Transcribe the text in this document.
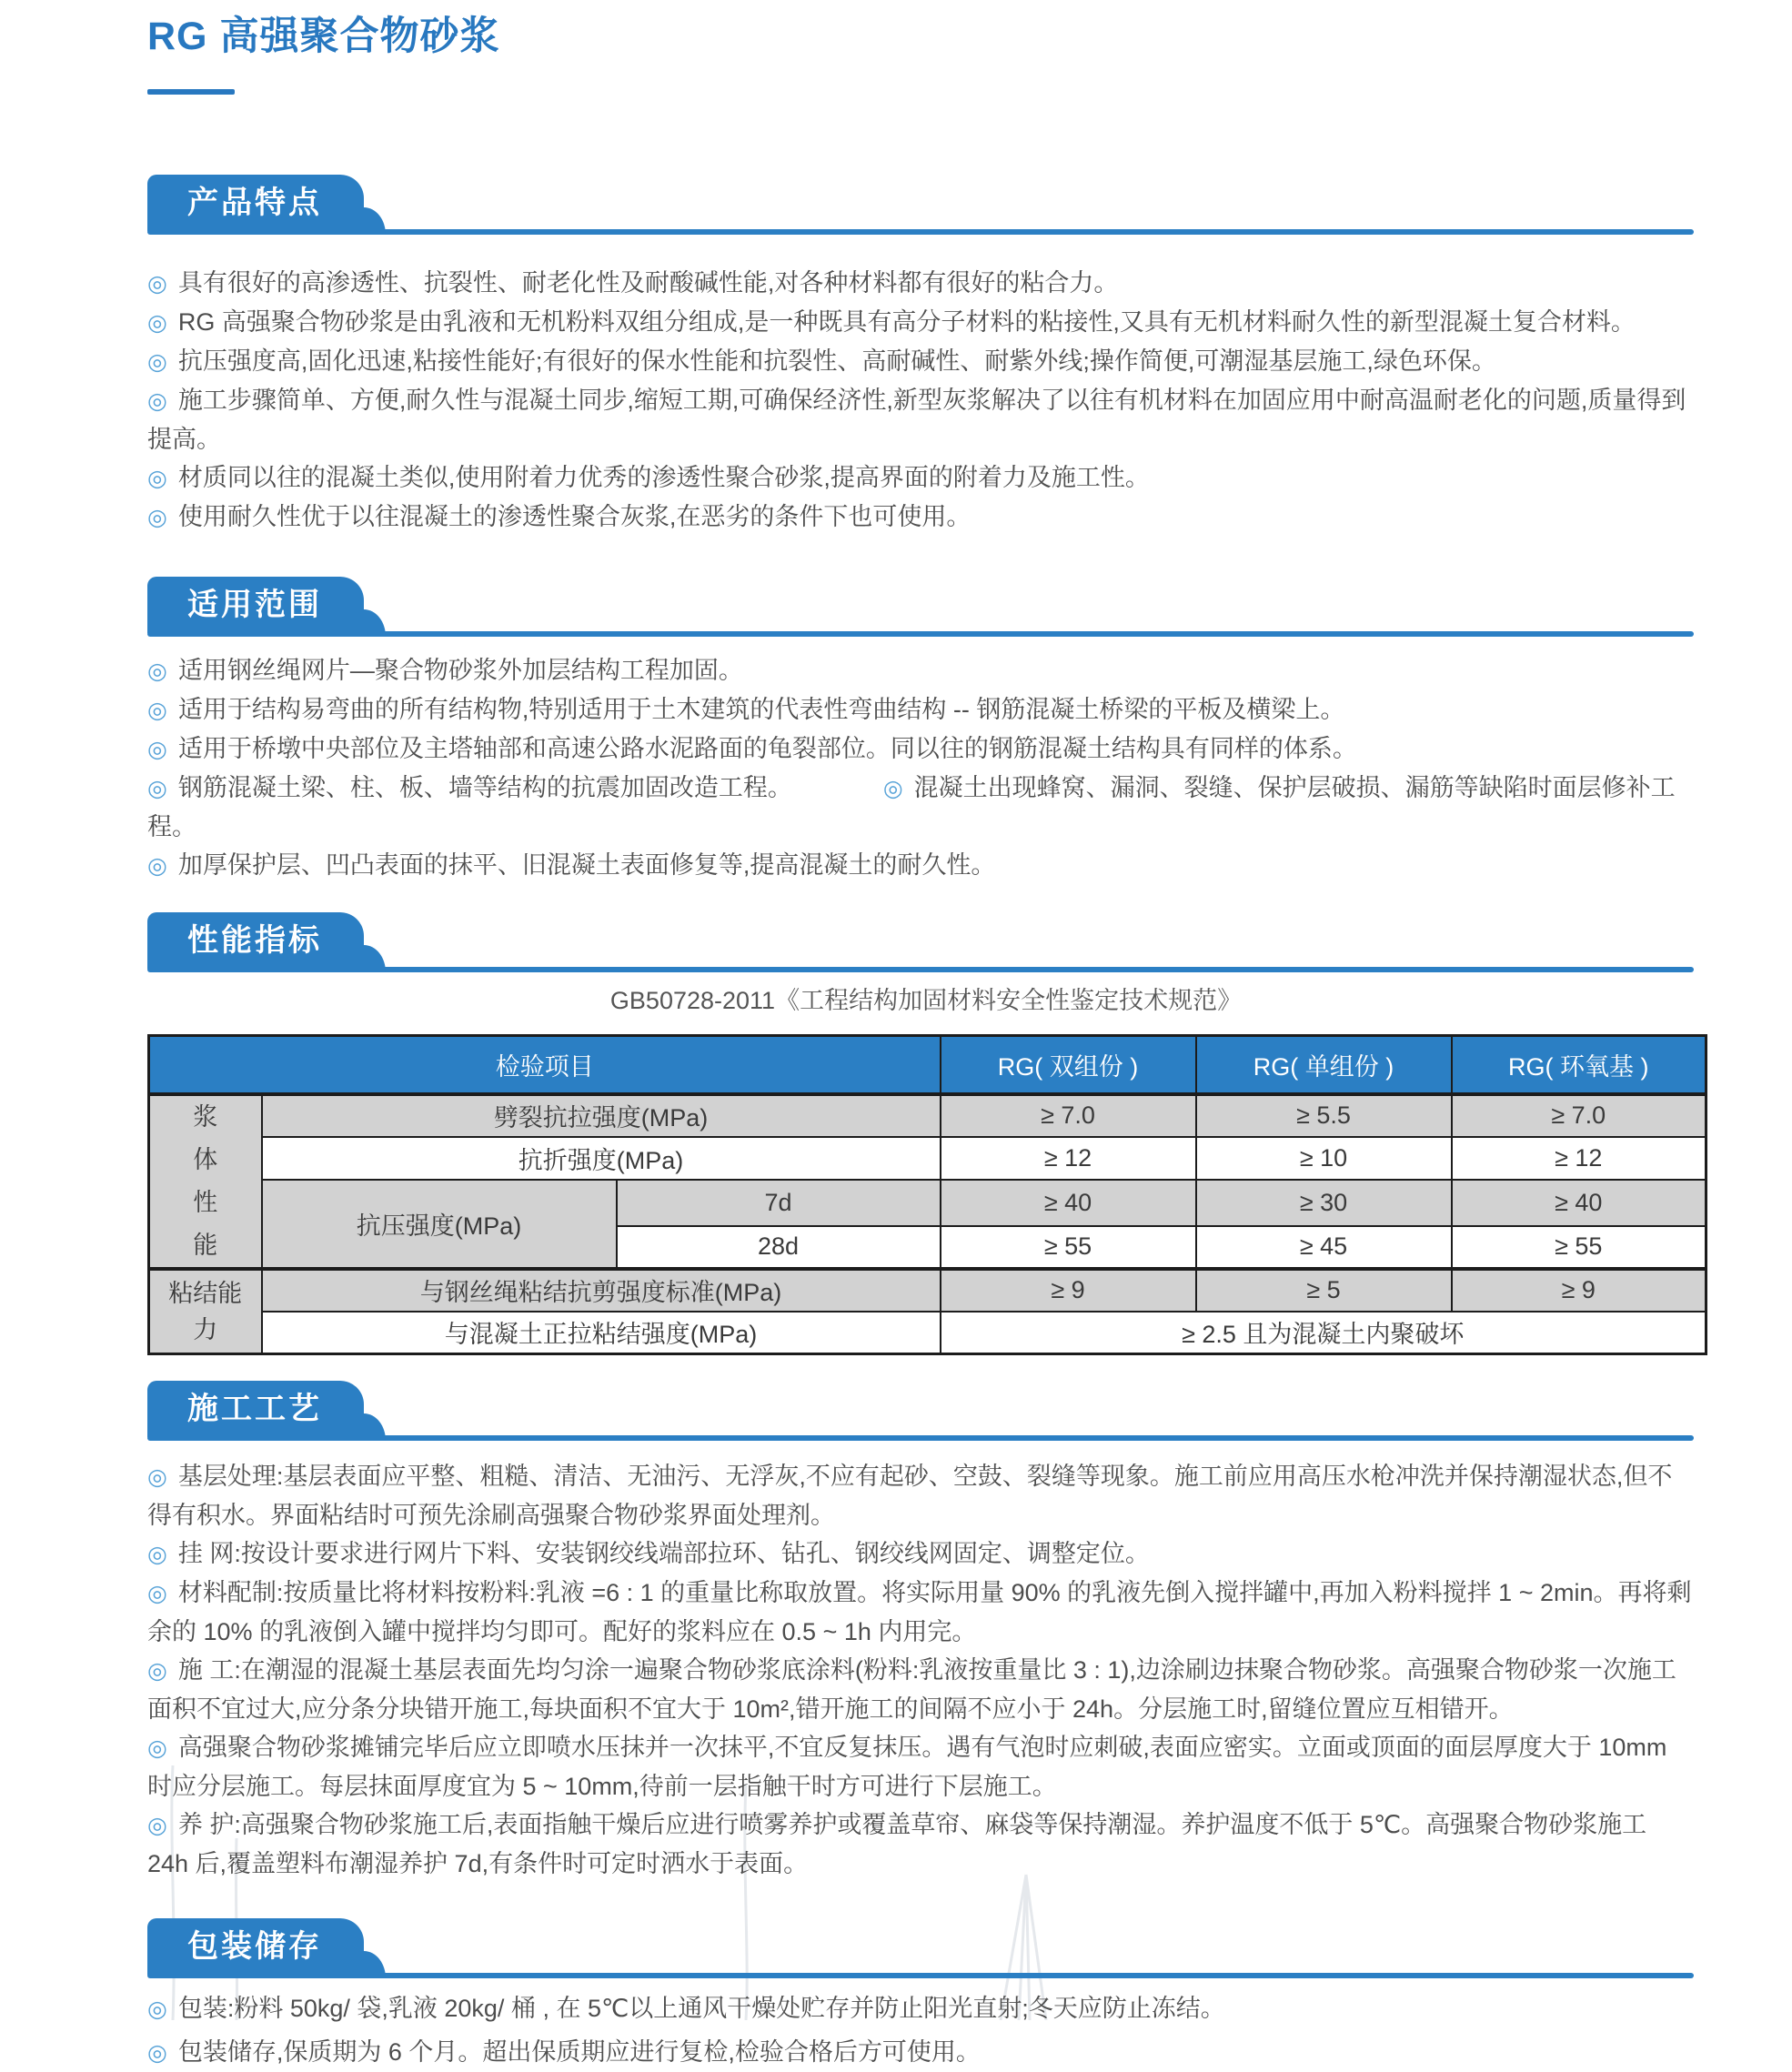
RG 高强聚合物砂浆
产品特点

◎ 具有很好的高渗透性、抗裂性、耐老化性及耐酸碱性能,对各种材料都有很好的粘合力。

◎ RG 高强聚合物砂浆是由乳液和无机粉料双组分组成,是一种既具有高分子材料的粘接性,又具有无机材料耐久性的新型混凝土复合材料。

◎ 抗压强度高,固化迅速,粘接性能好;有很好的保水性能和抗裂性、高耐碱性、耐紫外线;操作简便,可潮湿基层施工,绿色环保。

◎ 施工步骤简单、方便,耐久性与混凝土同步,缩短工期,可确保经济性,新型灰浆解决了以往有机材料在加固应用中耐高温耐老化的问题,质量得到提高。

◎ 材质同以往的混凝土类似,使用附着力优秀的渗透性聚合砂浆,提高界面的附着力及施工性。

◎ 使用耐久性优于以往混凝土的渗透性聚合灰浆,在恶劣的条件下也可使用。

适用范围

◎ 适用钢丝绳网片—聚合物砂浆外加层结构工程加固。

◎ 适用于结构易弯曲的所有结构物,特别适用于土木建筑的代表性弯曲结构 -- 钢筋混凝土桥梁的平板及横梁上。

◎ 适用于桥墩中央部位及主塔轴部和高速公路水泥路面的龟裂部位。同以往的钢筋混凝土结构具有同样的体系。

◎ 钢筋混凝土梁、柱、板、墙等结构的抗震加固改造工程。	◎ 混凝土出现蜂窝、漏洞、裂缝、保护层破损、漏筋等缺陷时面层修补工程。

◎ 加厚保护层、凹凸表面的抹平、旧混凝土表面修复等,提高混凝土的耐久性。

性能指标
GB50728-2011《工程结构加固材料安全性鉴定技术规范》
检验项目			RG( 双组份 )	RG( 单组份 )	RG( 环氧基 )
浆体性能	劈裂抗拉强度(MPa)		≥ 7.0	≥ 5.5	≥ 7.0
	抗折强度(MPa)		≥ 12	≥ 10	≥ 12
	抗压强度(MPa)	7d	≥ 40	≥ 30	≥ 40
		28d	≥ 55	≥ 45	≥ 55
粘结能力	与钢丝绳粘结抗剪强度标准(MPa)		≥ 9	≥ 5	≥ 9
	与混凝土正拉粘结强度(MPa)		≥ 2.5 且为混凝土内聚破坏		
施工工艺

◎ 基层处理:基层表面应平整、粗糙、清洁、无油污、无浮灰,不应有起砂、空鼓、裂缝等现象。施工前应用高压水枪冲洗并保持潮湿状态,但不得有积水。界面粘结时可预先涂刷高强聚合物砂浆界面处理剂。

◎ 挂 网:按设计要求进行网片下料、安装钢绞线端部拉环、钻孔、钢绞线网固定、调整定位。

◎ 材料配制:按质量比将材料按粉料:乳液 =6 : 1 的重量比称取放置。将实际用量 90% 的乳液先倒入搅拌罐中,再加入粉料搅拌 1 ~ 2min。再将剩余的 10% 的乳液倒入罐中搅拌均匀即可。配好的浆料应在 0.5 ~ 1h 内用完。

◎ 施 工:在潮湿的混凝土基层表面先均匀涂一遍聚合物砂浆底涂料(粉料:乳液按重量比 3 : 1),边涂刷边抹聚合物砂浆。高强聚合物砂浆一次施工面积不宜过大,应分条分块错开施工,每块面积不宜大于 10m²,错开施工的间隔不应小于 24h。分层施工时,留缝位置应互相错开。

◎ 高强聚合物砂浆摊铺完毕后应立即喷水压抹并一次抹平,不宜反复抹压。遇有气泡时应刺破,表面应密实。立面或顶面的面层厚度大于 10mm 时应分层施工。每层抹面厚度宜为 5 ~ 10mm,待前一层指触干时方可进行下层施工。

◎ 养 护:高强聚合物砂浆施工后,表面指触干燥后应进行喷雾养护或覆盖草帘、麻袋等保持潮湿。养护温度不低于 5℃。高强聚合物砂浆施工 24h 后,覆盖塑料布潮湿养护 7d,有条件时可定时洒水于表面。

包装储存

◎ 包装:粉料 50kg/ 袋,乳液 20kg/ 桶 , 在 5℃以上通风干燥处贮存并防止阳光直射;冬天应防止冻结。

◎ 包装储存,保质期为 6 个月。超出保质期应进行复检,检验合格后方可使用。
